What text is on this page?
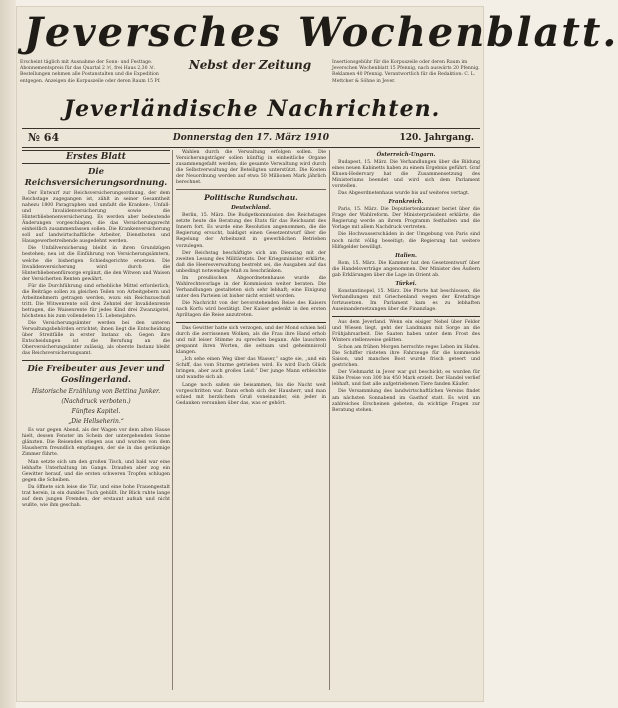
Jeversches Wochenblatt.
Erscheint täglich mit Ausnahme der Sonn- und Festtage. Abonnementspreis für das Quartal 2 ℳ, frei Haus 2,30 ℳ. Bestellungen nehmen alle Postanstalten und die Expedition entgegen. Anzeigen die Korpuszeile oder deren Raum 15 Pf.
Nebst der Zeitung	Insertionsgebühr für die Korpuszeile oder deren Raum im Jeverschen Wochenblatt 15 Pfennig, nach auswärts 20 Pfennig. Reklamen 40 Pfennig. Verantwortlich für die Redaktion: C. L. Mettcker & Söhne in Jever.
Jeverländische Nachrichten.
№ 64	Donnerstag den 17. März 1910	120. Jahrgang.
Erstes Blatt
Die Reichsversicherungsordnung.
Der Entwurf zur Reichsversicherungsordnung, der dem Reichstage zugegangen ist, zählt in seiner Gesamtheit nahezu 1800 Paragraphen und umfaßt die Kranken-, Unfall- und Invalidenversicherung sowie die Hinterbliebenenversicherung. Es werden aber bedeutende Änderungen vorgeschlagen, die das Versicherungsrecht einheitlich zusammenfassen sollen. Die Krankenversicherung soll auf landwirtschaftliche Arbeiter, Dienstboten und Hausgewerbetreibende ausgedehnt werden.
Die Unfallversicherung bleibt in ihren Grundzügen bestehen; neu ist die Einführung von Versicherungsämtern, welche die bisherigen Schiedsgerichte ersetzen. Die Invalidenversicherung wird durch die Hinterbliebenenfürsorge ergänzt, die den Witwen und Waisen der Versicherten Renten gewährt.
Für die Durchführung sind erhebliche Mittel erforderlich; die Beiträge sollen zu gleichen Teilen von Arbeitgebern und Arbeitnehmern getragen werden, wozu ein Reichszuschuß tritt. Die Witwenrente soll drei Zehntel der Invalidenrente betragen, die Waisenrente für jedes Kind drei Zwanzigstel, höchstens bis zum vollendeten 15. Lebensjahre.
Die Versicherungsämter werden bei den unteren Verwaltungsbehörden errichtet; ihnen liegt die Entscheidung über Streitfälle in erster Instanz ob. Gegen ihre Entscheidungen ist die Berufung an die Oberversicherungsämter zulässig, als oberste Instanz bleibt das Reichsversicherungsamt.
Die Freibeuter aus Jever und Goslingerland.
Historische Erzählung von Bettina Junker.
(Nachdruck verboten.)
Fünftes Kapitel.
„Die Hellseherin.“
Es war gegen Abend, als der Wagen vor dem alten Hause hielt, dessen Fenster im Schein der untergehenden Sonne glänzten. Die Reisenden stiegen aus und wurden von dem Hausherrn freundlich empfangen, der sie in das geräumige Zimmer führte.
Man setzte sich um den großen Tisch, und bald war eine lebhafte Unterhaltung im Gange. Draußen aber zog ein Gewitter herauf, und die ersten schweren Tropfen schlugen gegen die Scheiben.
Da öffnete sich leise die Tür, und eine hohe Frauengestalt trat herein, in ein dunkles Tuch gehüllt. Ihr Blick ruhte lange auf dem jungen Fremden, der erstaunt aufsah und nicht wußte, wie ihm geschah.
Wahlen durch die Verwaltung erfolgen sollen. Die Versicherungsträger sollen künftig in einheitliche Organe zusammengefaßt werden; die gesamte Verwaltung wird durch die Selbstverwaltung der Beteiligten unterstützt. Die Kosten der Neuordnung werden auf etwa 50 Millionen Mark jährlich berechnet.
Politische Rundschau.
Deutschland.
Berlin, 15. März. Die Budgetkommission des Reichstages setzte heute die Beratung des Etats für das Reichsamt des Innern fort. Es wurde eine Resolution angenommen, die die Regierung ersucht, baldigst einen Gesetzentwurf über die Regelung der Arbeitszeit in gewerblichen Betrieben vorzulegen.
Der Reichstag beschäftigte sich am Dienstag mit der zweiten Lesung des Militäretats. Der Kriegsminister erklärte, daß die Heeresverwaltung bestrebt sei, die Ausgaben auf das unbedingt notwendige Maß zu beschränken.
Im preußischen Abgeordnetenhause wurde die Wahlrechtsvorlage in der Kommission weiter beraten. Die Verhandlungen gestalteten sich sehr lebhaft; eine Einigung unter den Parteien ist bisher nicht erzielt worden.
Die Nachricht von der bevorstehenden Reise des Kaisers nach Korfu wird bestätigt. Der Kaiser gedenkt in den ersten Apriltagen die Reise anzutreten.
Das Gewitter hatte sich verzogen, und der Mond schien hell durch die zerrissenen Wolken, als die Frau ihre Hand erhob und mit leiser Stimme zu sprechen begann. Alle lauschten gespannt ihren Worten, die seltsam und geheimnisvoll klangen.
„Ich sehe einen Weg über das Wasser,“ sagte sie, „und ein Schiff, das vom Sturme getrieben wird. Es wird Euch Glück bringen, aber auch großes Leid.“ Der junge Mann erbleichte und wandte sich ab.
Lange noch saßen sie beisammen, bis die Nacht weit vorgeschritten war. Dann erhob sich der Hausherr, und man schied mit herzlichem Gruß voneinander, ein jeder in Gedanken versunken über das, was er gehört.
Österreich-Ungarn.
Budapest, 15. März. Die Verhandlungen über die Bildung eines neuen Kabinetts haben zu einem Ergebnis geführt. Graf Khuen-Hedervary hat die Zusammensetzung des Ministeriums beendet und wird sich dem Parlament vorstellen.
Das Abgeordnetenhaus wurde bis auf weiteres vertagt.
Frankreich.
Paris, 15. März. Die Deputiertenkammer beriet über die Frage der Wahlreform. Der Ministerpräsident erklärte, die Regierung werde an ihrem Programm festhalten und die Vorlage mit allem Nachdruck vertreten.
Die Hochwasserschäden in der Umgebung von Paris sind noch nicht völlig beseitigt; die Regierung hat weitere Hilfsgelder bewilligt.
Italien.
Rom, 15. März. Die Kammer hat den Gesetzentwurf über die Handelsverträge angenommen. Der Minister des Äußern gab Erklärungen über die Lage im Orient ab.
Türkei.
Konstantinopel, 15. März. Die Pforte hat beschlossen, die Verhandlungen mit Griechenland wegen der Kretafrage fortzusetzen. Im Parlament kam es zu lebhaften Auseinandersetzungen über die Finanzlage.
Aus dem Jeverland. Wenn ein eisiger Nebel über Felder und Wiesen liegt, geht der Landmann mit Sorge an die Frühjahrsarbeit. Die Saaten haben unter dem Frost des Winters stellenweise gelitten.
Schon am frühen Morgen herrschte reges Leben im Hafen. Die Schiffer rüsteten ihre Fahrzeuge für die kommende Saison, und manches Boot wurde frisch geteert und gestrichen.
Der Viehmarkt in Jever war gut beschickt; es wurden für Kühe Preise von 300 bis 450 Mark erzielt. Der Handel verlief lebhaft, und fast alle aufgetriebenen Tiere fanden Käufer.
Die Versammlung des landwirtschaftlichen Vereins findet am nächsten Sonnabend im Gasthof statt. Es wird um zahlreiches Erscheinen gebeten, da wichtige Fragen zur Beratung stehen.
